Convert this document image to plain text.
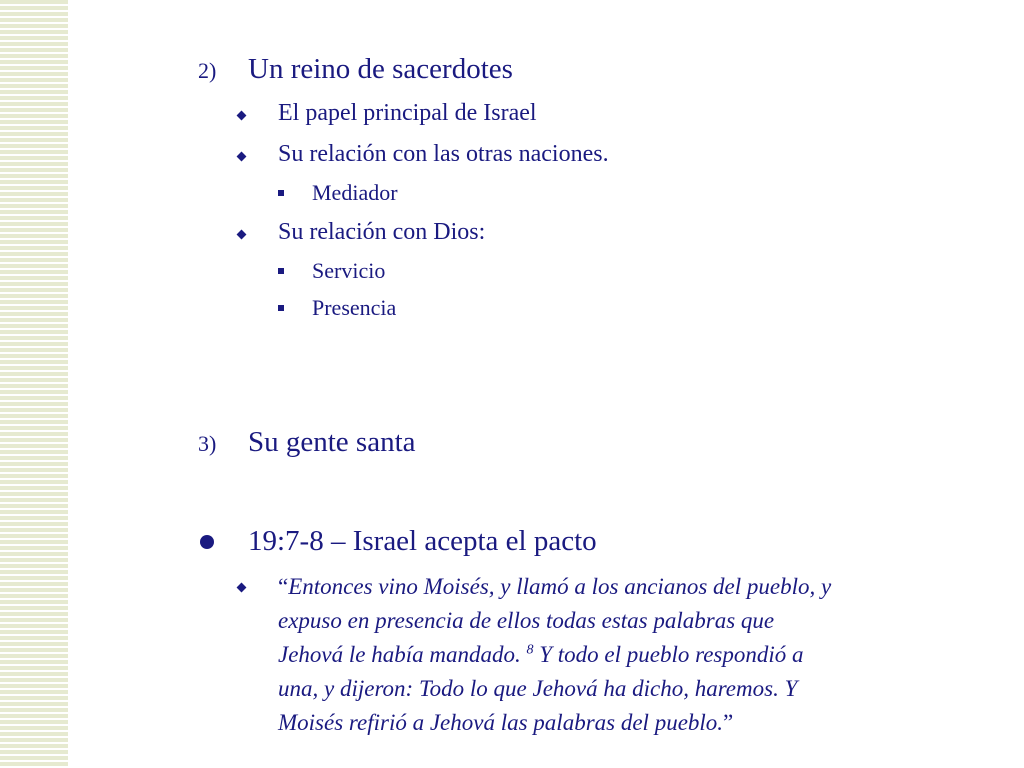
2) Un reino de sacerdotes
El papel principal de Israel
Su relación con las otras naciones.
Mediador
Su relación con Dios:
Servicio
Presencia
3) Su gente santa
19:7-8 – Israel acepta el pacto
“Entonces vino Moisés, y llamó a los ancianos del pueblo, y
expuso en presencia de ellos todas estas palabras que
Jehová le había mandado. $^8$ Y todo el pueblo respondió a
una, y dijeron: Todo lo que Jehová ha dicho, haremos. Y
Moisés refirió a Jehová las palabras del pueblo.”
